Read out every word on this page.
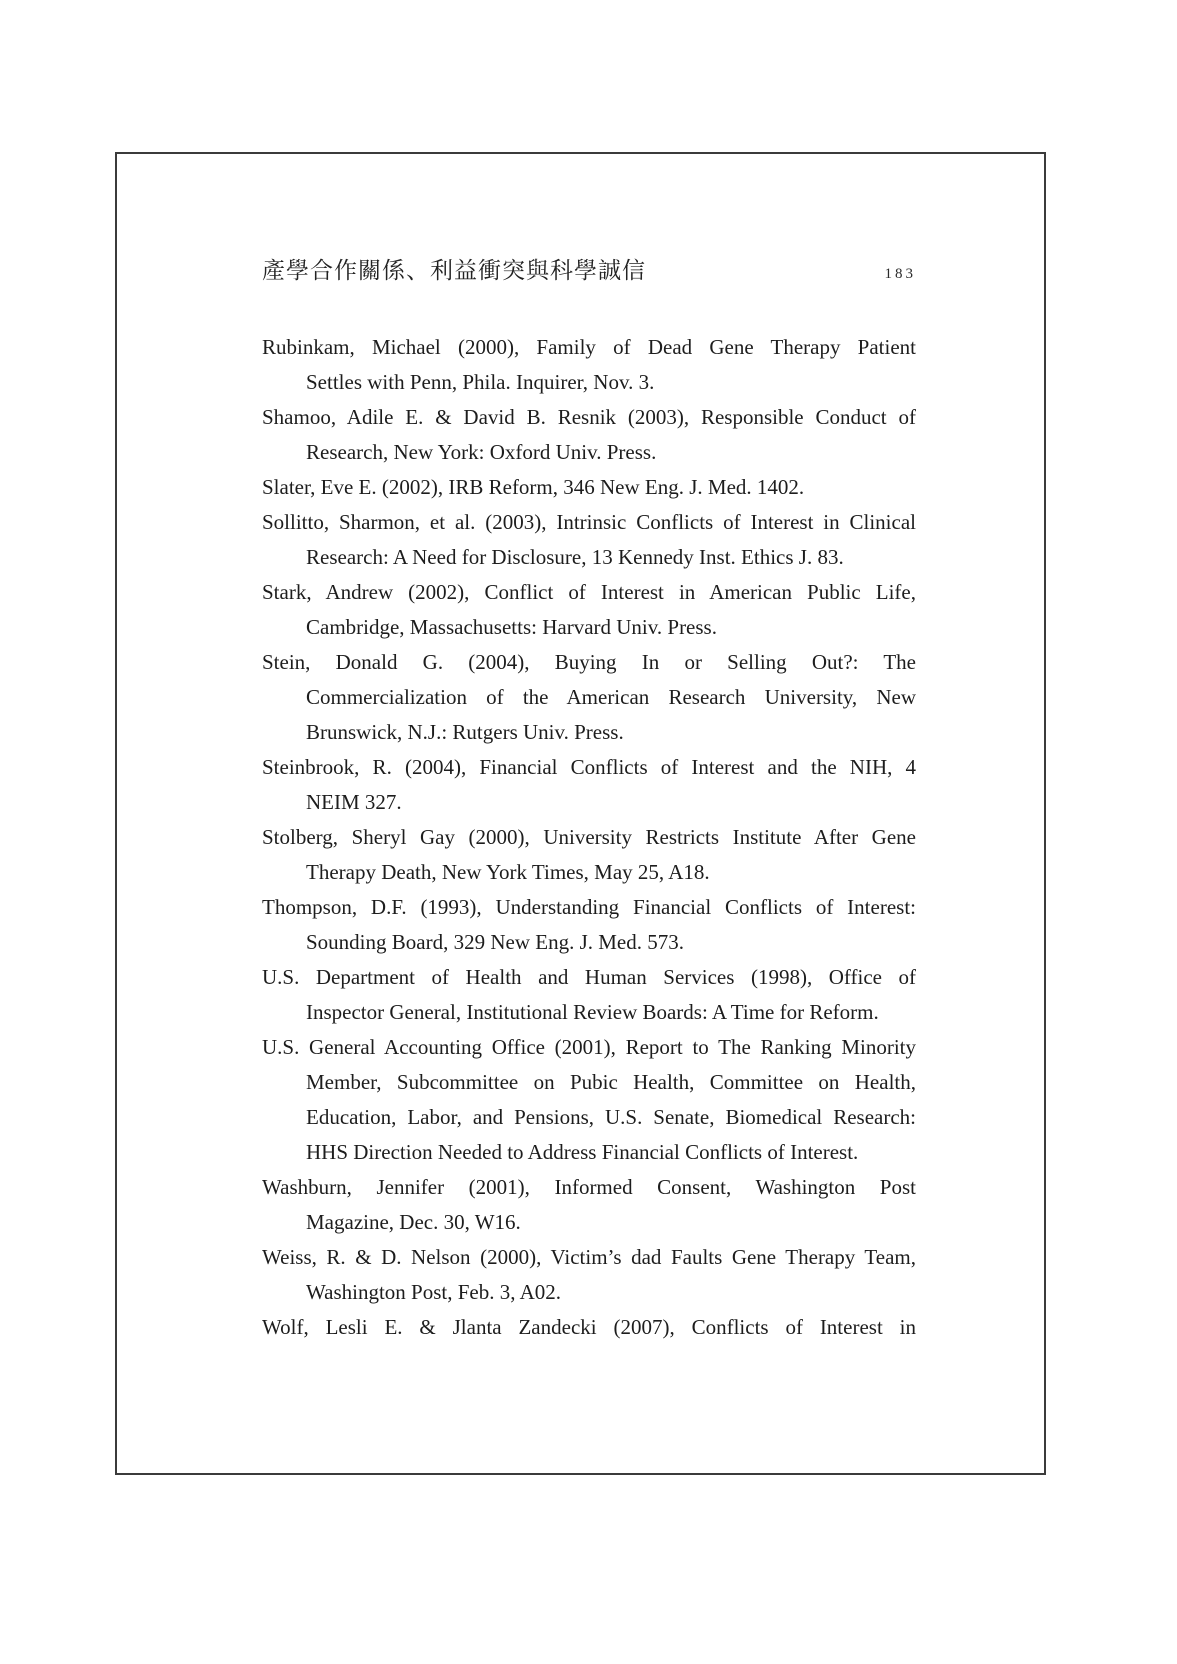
產學合作關係、利益衝突與科學誠信	183

Rubinkam, Michael (2000), Family of Dead Gene Therapy Patient
Settles with Penn, Phila. Inquirer, Nov. 3.

Shamoo, Adile E. & David B. Resnik (2003), Responsible Conduct of
Research, New York: Oxford Univ. Press.

Slater, Eve E. (2002), IRB Reform, 346 New Eng. J. Med. 1402.

Sollitto, Sharmon, et al. (2003), Intrinsic Conflicts of Interest in Clinical
Research: A Need for Disclosure, 13 Kennedy Inst. Ethics J. 83.

Stark, Andrew (2002), Conflict of Interest in American Public Life,
Cambridge, Massachusetts: Harvard Univ. Press.

Stein, Donald G. (2004), Buying In or Selling Out?: The
Commercialization of the American Research University, New
Brunswick, N.J.: Rutgers Univ. Press.

Steinbrook, R. (2004), Financial Conflicts of Interest and the NIH, 4
NEIM 327.

Stolberg, Sheryl Gay (2000), University Restricts Institute After Gene
Therapy Death, New York Times, May 25, A18.

Thompson, D.F. (1993), Understanding Financial Conflicts of Interest:
Sounding Board, 329 New Eng. J. Med. 573.

U.S. Department of Health and Human Services (1998), Office of
Inspector General, Institutional Review Boards: A Time for Reform.

U.S. General Accounting Office (2001), Report to The Ranking Minority
Member, Subcommittee on Pubic Health, Committee on Health,
Education, Labor, and Pensions, U.S. Senate, Biomedical Research:
HHS Direction Needed to Address Financial Conflicts of Interest.

Washburn, Jennifer (2001), Informed Consent, Washington Post
Magazine, Dec. 30, W16.

Weiss, R. & D. Nelson (2000), Victim’s dad Faults Gene Therapy Team,
Washington Post, Feb. 3, A02.

Wolf, Lesli E. & Jlanta Zandecki (2007), Conflicts of Interest in
